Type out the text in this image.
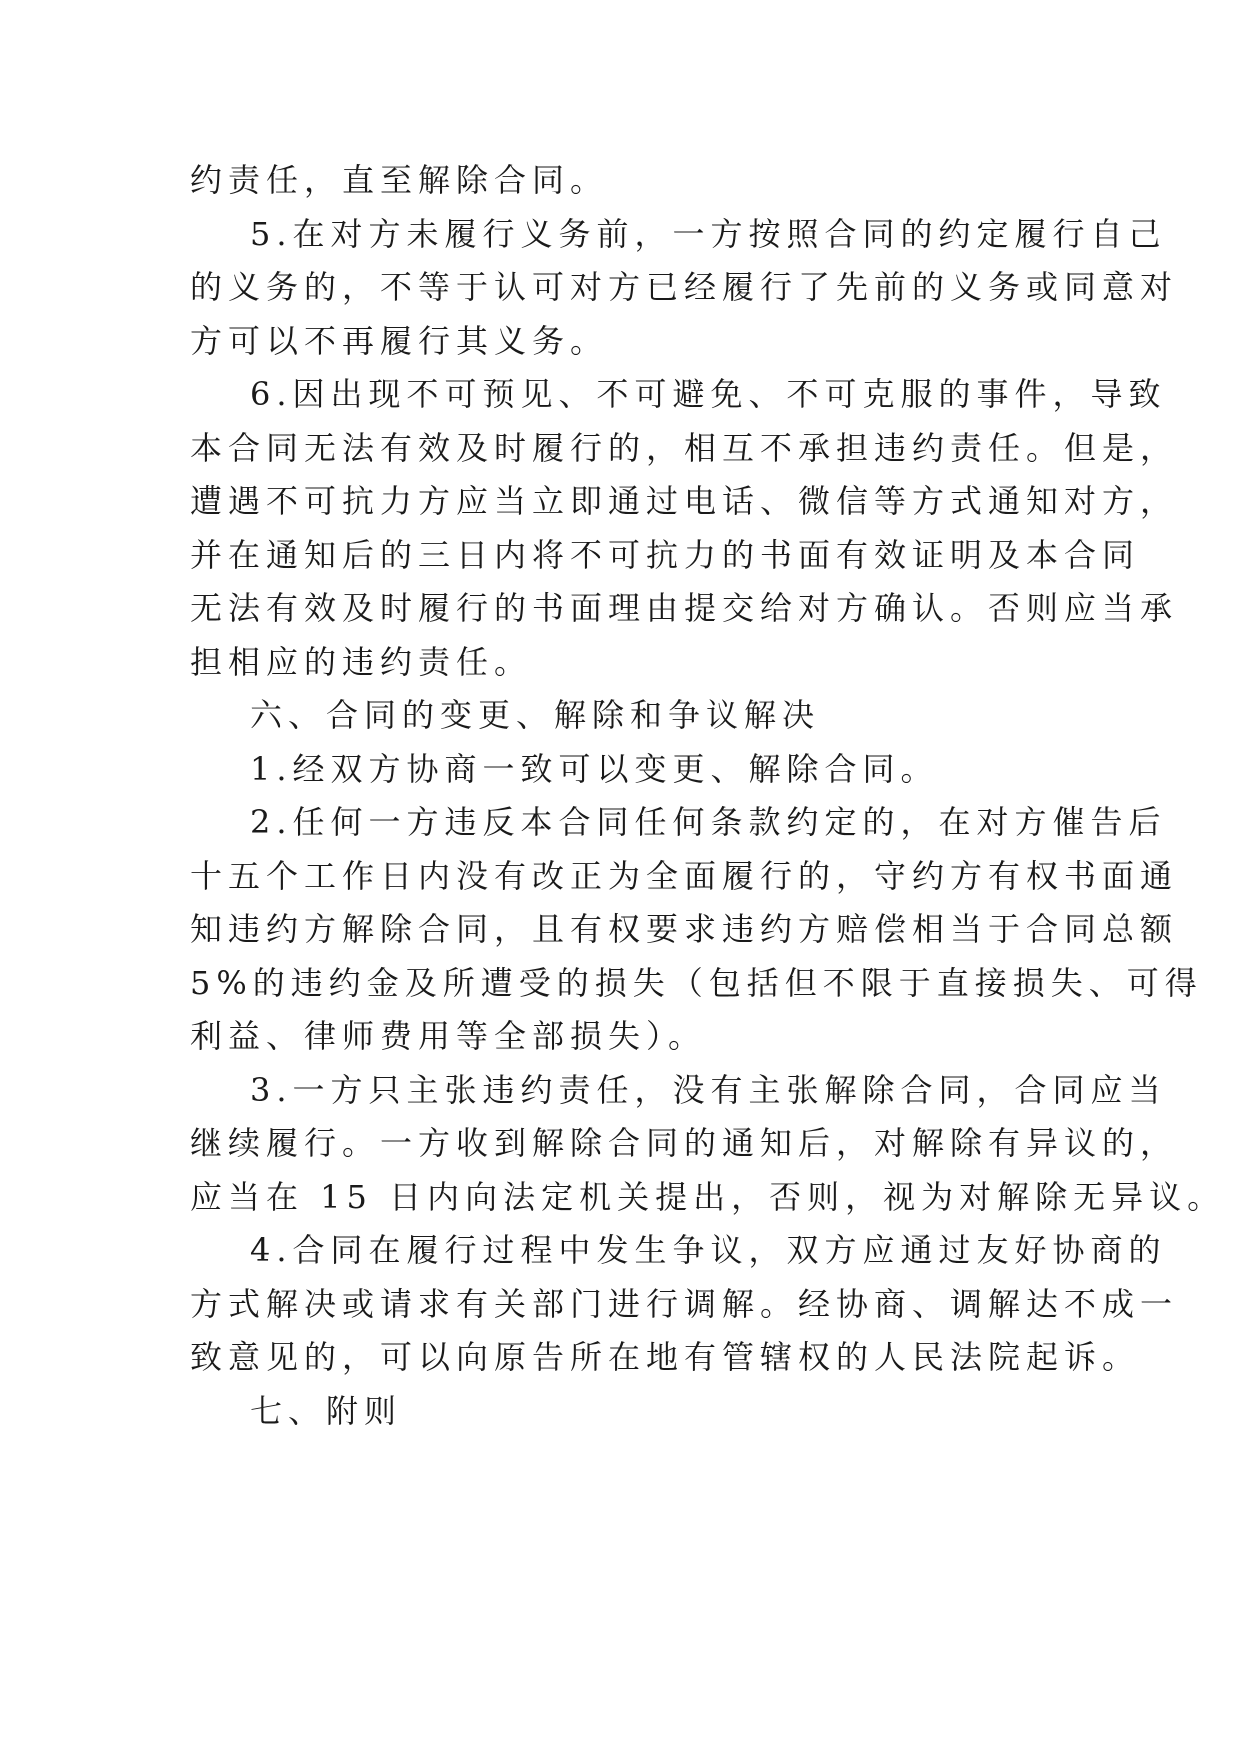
约责任，直至解除合同。

5.在对方未履行义务前，一方按照合同的约定履行自己

的义务的，不等于认可对方已经履行了先前的义务或同意对

方可以不再履行其义务。

6.因出现不可预见、不可避免、不可克服的事件，导致

本合同无法有效及时履行的，相互不承担违约责任。但是，

遭遇不可抗力方应当立即通过电话、微信等方式通知对方，

并在通知后的三日内将不可抗力的书面有效证明及本合同

无法有效及时履行的书面理由提交给对方确认。否则应当承

担相应的违约责任。

六、合同的变更、解除和争议解决

1.经双方协商一致可以变更、解除合同。

2.任何一方违反本合同任何条款约定的，在对方催告后

十五个工作日内没有改正为全面履行的，守约方有权书面通

知违约方解除合同，且有权要求违约方赔偿相当于合同总额

5%的违约金及所遭受的损失（包括但不限于直接损失、可得

利益、律师费用等全部损失）。

3.一方只主张违约责任，没有主张解除合同，合同应当

继续履行。一方收到解除合同的通知后，对解除有异议的，

应当在 15 日内向法定机关提出，否则，视为对解除无异议。

4.合同在履行过程中发生争议，双方应通过友好协商的

方式解决或请求有关部门进行调解。经协商、调解达不成一

致意见的，可以向原告所在地有管辖权的人民法院起诉。

七、附则
